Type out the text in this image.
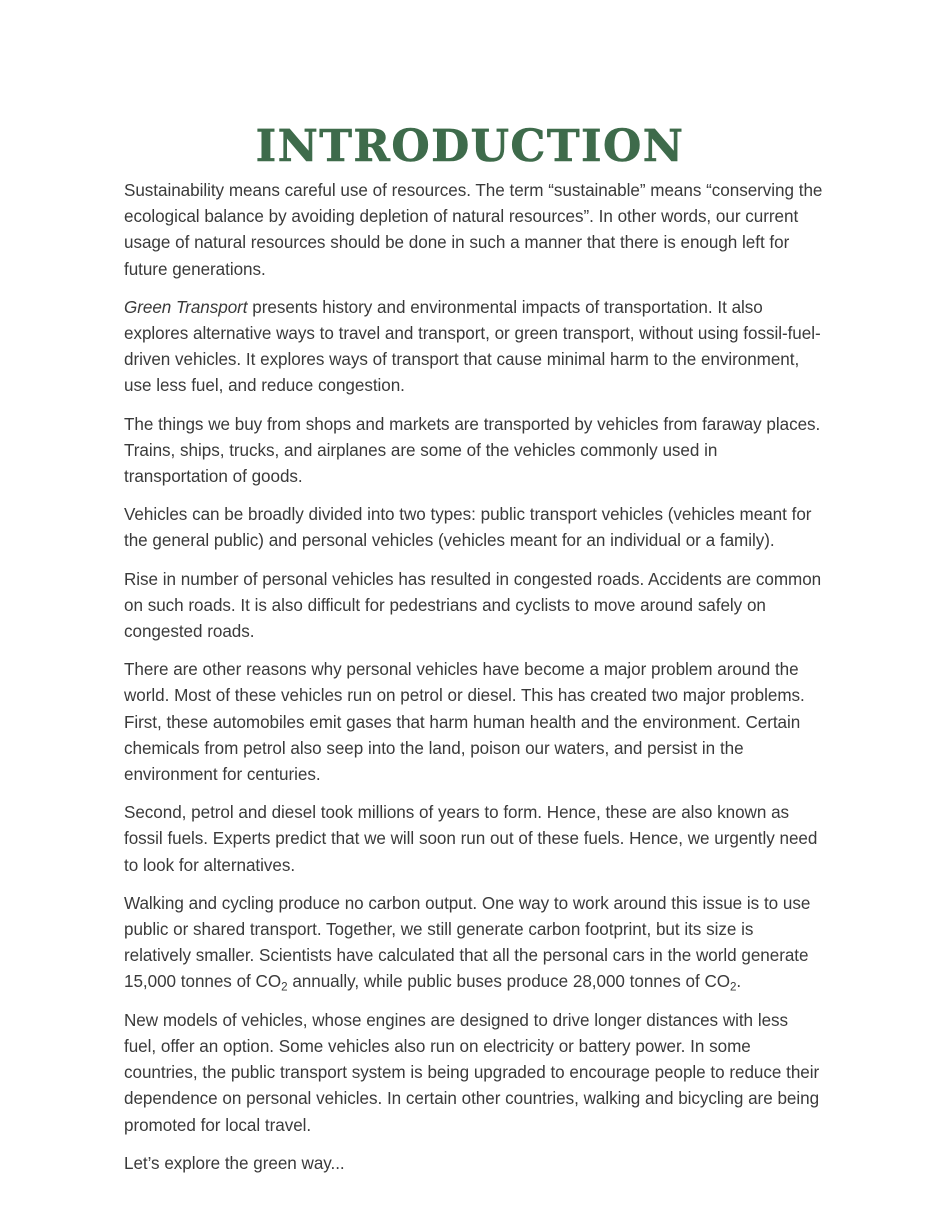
INTRODUCTION

Sustainability means careful use of resources. The term “sustainable” means “conserving the ecological balance by avoiding depletion of natural resources”. In other words, our current usage of natural resources should be done in such a manner that there is enough left for future generations.

Green Transport presents history and environmental impacts of transportation. It also explores alternative ways to travel and transport, or green transport, without using fossil-fuel-driven vehicles. It explores ways of transport that cause minimal harm to the environment, use less fuel, and reduce congestion.

The things we buy from shops and markets are transported by vehicles from faraway places. Trains, ships, trucks, and airplanes are some of the vehicles commonly used in transportation of goods.

Vehicles can be broadly divided into two types: public transport vehicles (vehicles meant for the general public) and personal vehicles (vehicles meant for an individual or a family).

Rise in number of personal vehicles has resulted in congested roads. Accidents are common on such roads. It is also difficult for pedestrians and cyclists to move around safely on congested roads.

There are other reasons why personal vehicles have become a major problem around the world. Most of these vehicles run on petrol or diesel. This has created two major problems. First, these automobiles emit gases that harm human health and the environment. Certain chemicals from petrol also seep into the land, poison our waters, and persist in the environment for centuries.

Second, petrol and diesel took millions of years to form. Hence, these are also known as fossil fuels. Experts predict that we will soon run out of these fuels. Hence, we urgently need to look for alternatives.

Walking and cycling produce no carbon output. One way to work around this issue is to use public or shared transport. Together, we still generate carbon footprint, but its size is relatively smaller. Scientists have calculated that all the personal cars in the world generate 15,000 tonnes of $CO_2$ annually, while public buses produce 28,000 tonnes of $CO_2$.

New models of vehicles, whose engines are designed to drive longer distances with less fuel, offer an option. Some vehicles also run on electricity or battery power. In some countries, the public transport system is being upgraded to encourage people to reduce their dependence on personal vehicles. In certain other countries, walking and bicycling are being promoted for local travel.

Let’s explore the green way...
